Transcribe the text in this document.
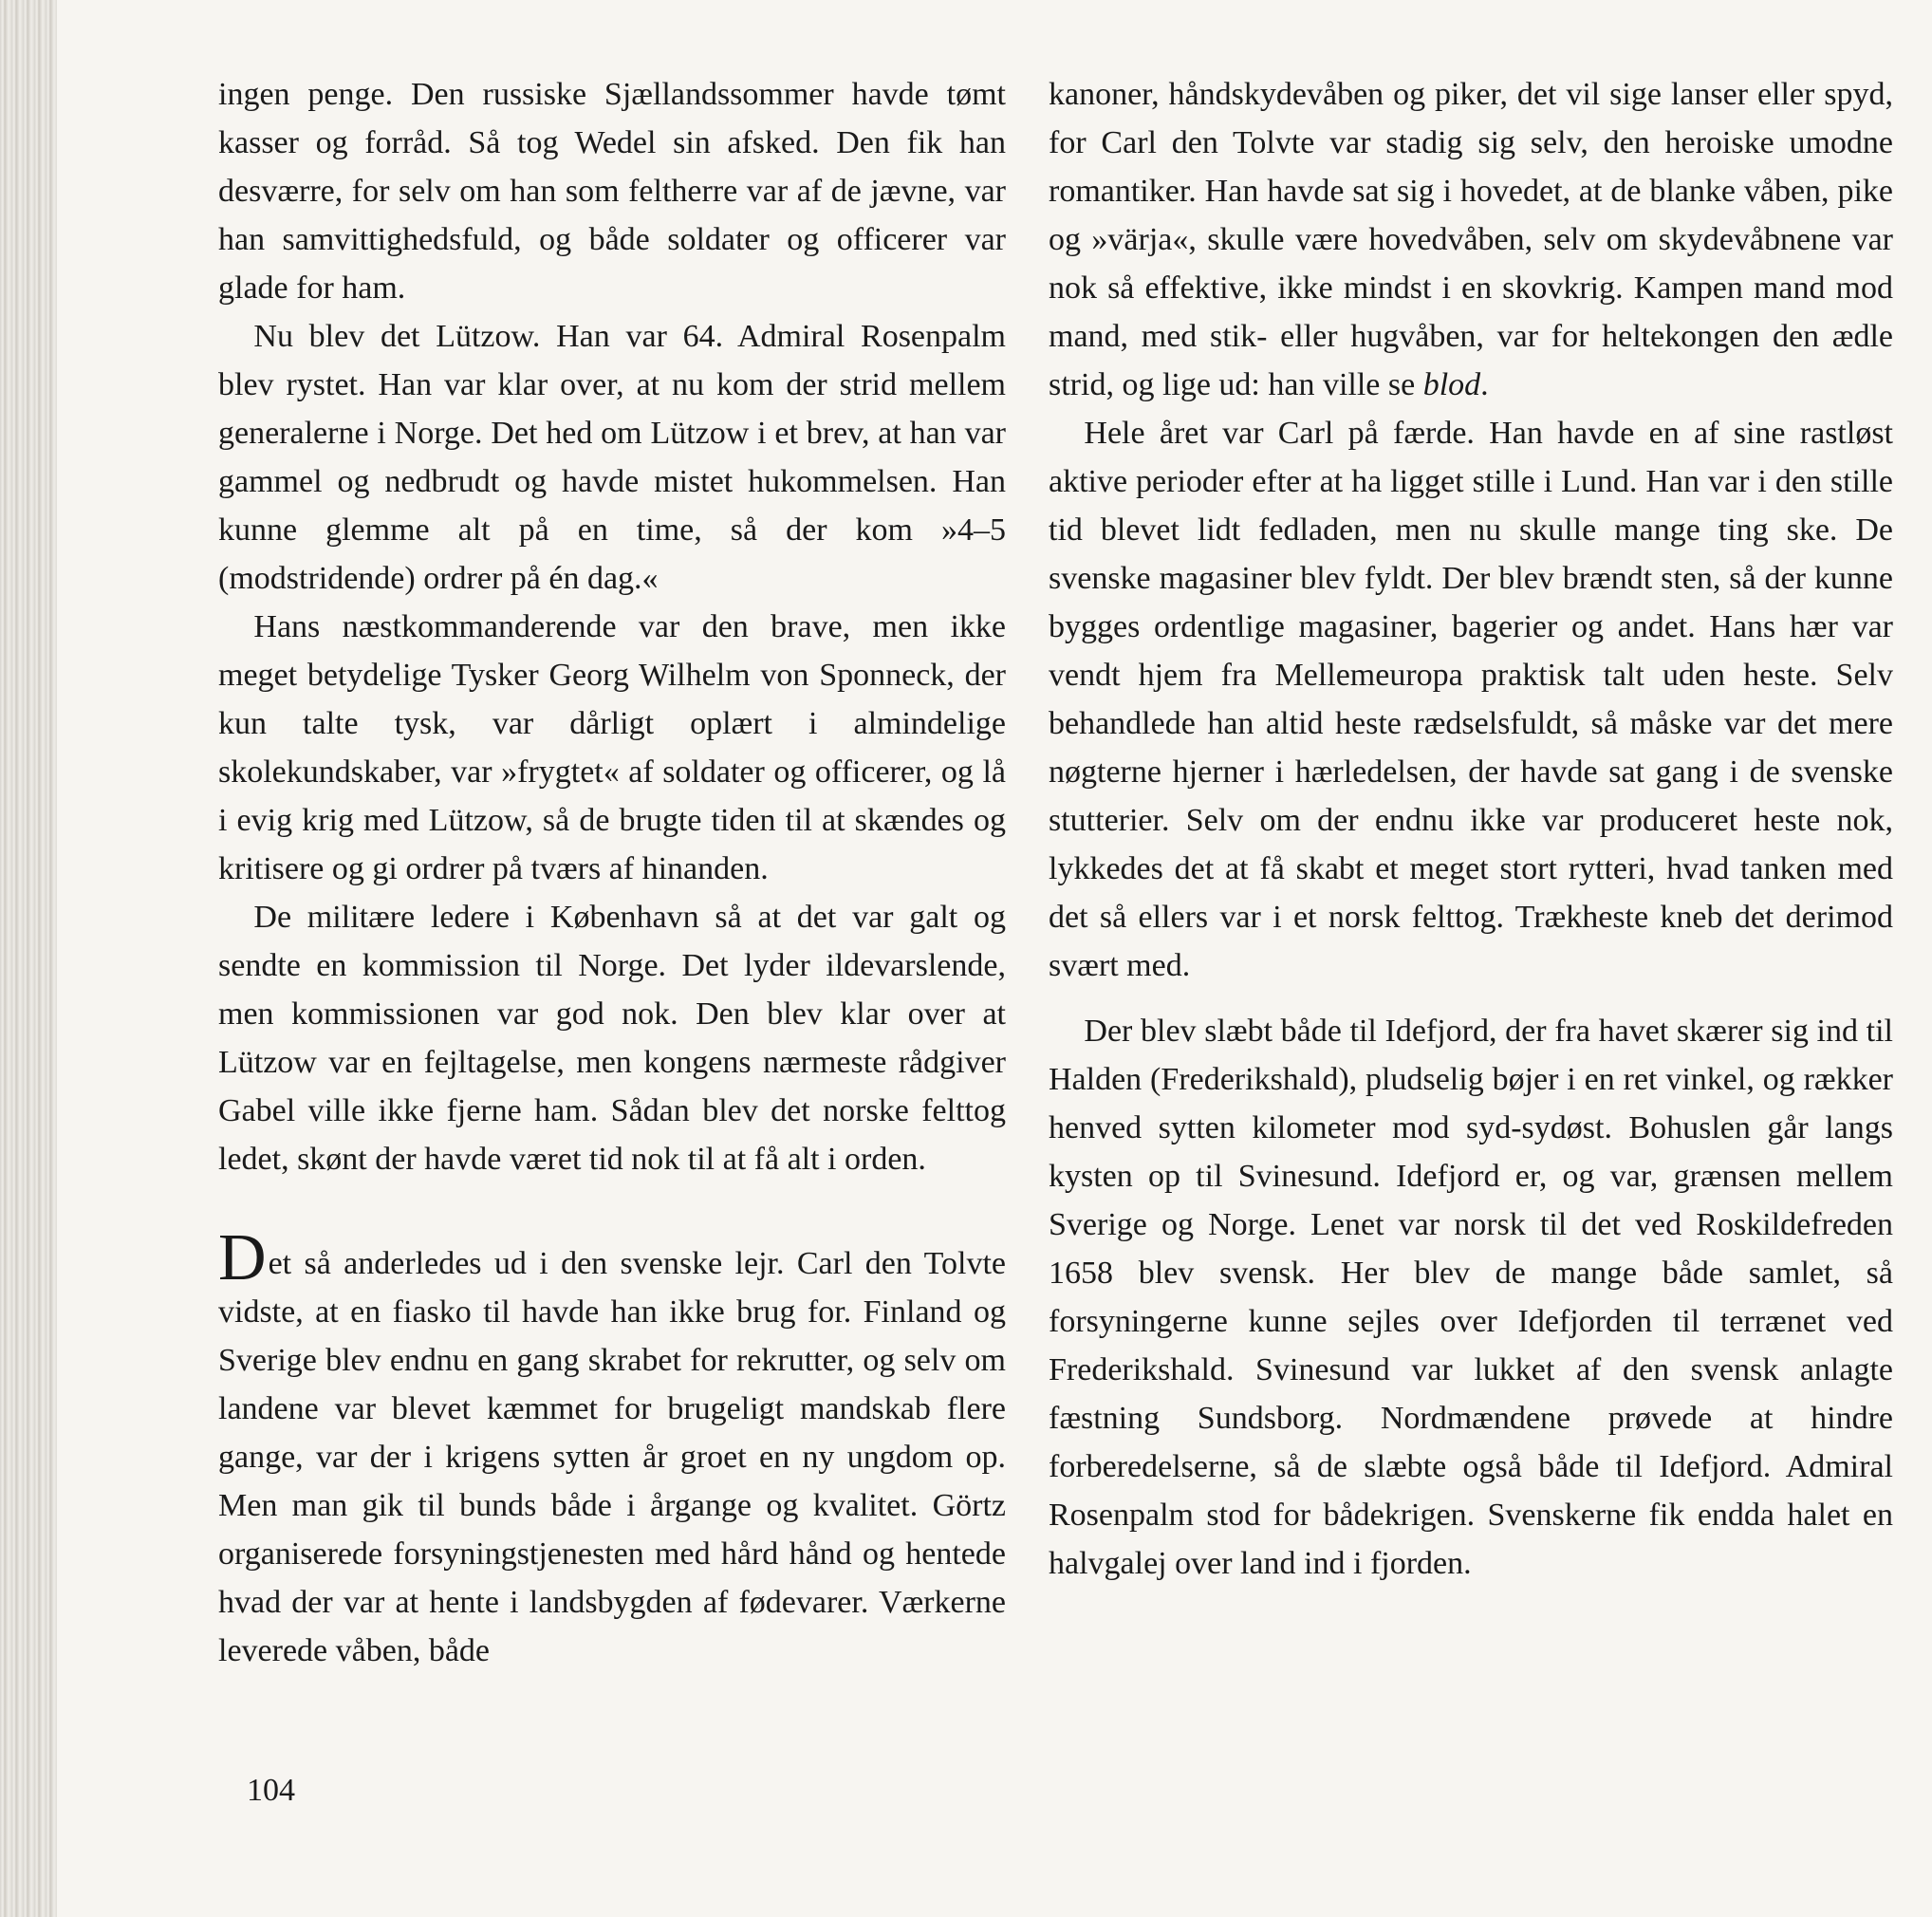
ingen penge. Den russiske Sjællandssommer havde tømt kasser og forråd. Så tog Wedel sin afsked. Den fik han desværre, for selv om han som feltherre var af de jævne, var han samvittighedsfuld, og både soldater og officerer var glade for ham.

Nu blev det Lützow. Han var 64. Admiral Rosenpalm blev rystet. Han var klar over, at nu kom der strid mellem generalerne i Norge. Det hed om Lützow i et brev, at han var gammel og nedbrudt og havde mistet hukommelsen. Han kunne glemme alt på en time, så der kom »4–5 (modstridende) ordrer på én dag.«

Hans næstkommanderende var den brave, men ikke meget betydelige Tysker Georg Wilhelm von Sponneck, der kun talte tysk, var dårligt oplært i almindelige skolekundskaber, var »frygtet« af soldater og officerer, og lå i evig krig med Lützow, så de brugte tiden til at skændes og kritisere og gi ordrer på tværs af hinanden.

De militære ledere i København så at det var galt og sendte en kommission til Norge. Det lyder ildevarslende, men kommissionen var god nok. Den blev klar over at Lützow var en fejltagelse, men kongens nærmeste rådgiver Gabel ville ikke fjerne ham. Sådan blev det norske felttog ledet, skønt der havde været tid nok til at få alt i orden.

Det så anderledes ud i den svenske lejr. Carl den Tolvte vidste, at en fiasko til havde han ikke brug for. Finland og Sverige blev endnu en gang skrabet for rekrutter, og selv om landene var blevet kæmmet for brugeligt mandskab flere gange, var der i krigens sytten år groet en ny ungdom op. Men man gik til bunds både i årgange og kvalitet. Görtz organiserede forsyningstjenesten med hård hånd og hentede hvad der var at hente i landsbygden af fødevarer. Værkerne leverede våben, både

kanoner, håndskydevåben og piker, det vil sige lanser eller spyd, for Carl den Tolvte var stadig sig selv, den heroiske umodne romantiker. Han havde sat sig i hovedet, at de blanke våben, pike og »värja«, skulle være hovedvåben, selv om skydevåbnene var nok så effektive, ikke mindst i en skovkrig. Kampen mand mod mand, med stik- eller hugvåben, var for heltekongen den ædle strid, og lige ud: han ville se blod.

Hele året var Carl på færde. Han havde en af sine rastløst aktive perioder efter at ha ligget stille i Lund. Han var i den stille tid blevet lidt fedladen, men nu skulle mange ting ske. De svenske magasiner blev fyldt. Der blev brændt sten, så der kunne bygges ordentlige magasiner, bagerier og andet. Hans hær var vendt hjem fra Mellemeuropa praktisk talt uden heste. Selv behandlede han altid heste rædselsfuldt, så måske var det mere nøgterne hjerner i hærledelsen, der havde sat gang i de svenske stutterier. Selv om der endnu ikke var produceret heste nok, lykkedes det at få skabt et meget stort rytteri, hvad tanken med det så ellers var i et norsk felttog. Trækheste kneb det derimod svært med.

Der blev slæbt både til Idefjord, der fra havet skærer sig ind til Halden (Frederikshald), pludselig bøjer i en ret vinkel, og rækker henved sytten kilometer mod syd-sydøst. Bohuslen går langs kysten op til Svinesund. Idefjord er, og var, grænsen mellem Sverige og Norge. Lenet var norsk til det ved Roskildefreden 1658 blev svensk. Her blev de mange både samlet, så forsyningerne kunne sejles over Idefjorden til terrænet ved Frederikshald. Svinesund var lukket af den svensk anlagte fæstning Sundsborg. Nordmændene prøvede at hindre forberedelserne, så de slæbte også både til Idefjord. Admiral Rosenpalm stod for bådekrigen. Svenskerne fik endda halet en halvgalej over land ind i fjorden.

104
